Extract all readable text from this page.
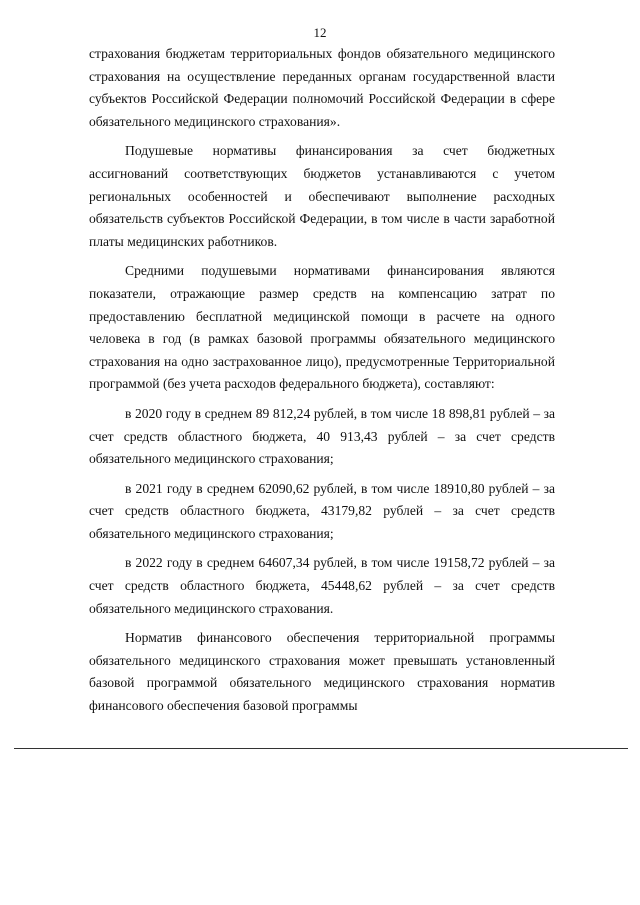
12

страхования бюджетам территориальных фондов обязательного медицинского страхования на осуществление переданных органам государственной власти субъектов Российской Федерации полномочий Российской Федерации в сфере обязательного медицинского страхования».

Подушевые нормативы финансирования за счет бюджетных ассигнований соответствующих бюджетов устанавливаются с учетом региональных особенностей и обеспечивают выполнение расходных обязательств субъектов Российской Федерации, в том числе в части заработной платы медицинских работников.

Средними подушевыми нормативами финансирования являются показатели, отражающие размер средств на компенсацию затрат по предоставлению бесплатной медицинской помощи в расчете на одного человека в год (в рамках базовой программы обязательного медицинского страхования на одно застрахованное лицо), предусмотренные Территориальной программой (без учета расходов федерального бюджета), составляют:

в 2020 году в среднем 89 812,24 рублей, в том числе 18 898,81 рублей – за счет средств областного бюджета, 40 913,43 рублей – за счет средств обязательного медицинского страхования;

в 2021 году в среднем 62090,62 рублей, в том числе 18910,80 рублей – за счет средств областного бюджета, 43179,82 рублей – за счет средств обязательного медицинского страхования;

в 2022 году в среднем 64607,34 рублей, в том числе 19158,72 рублей – за счет средств областного бюджета, 45448,62 рублей – за счет средств обязательного медицинского страхования.

Норматив финансового обеспечения территориальной программы обязательного медицинского страхования может превышать установленный базовой программой обязательного медицинского страхования норматив финансового обеспечения базовой программы
